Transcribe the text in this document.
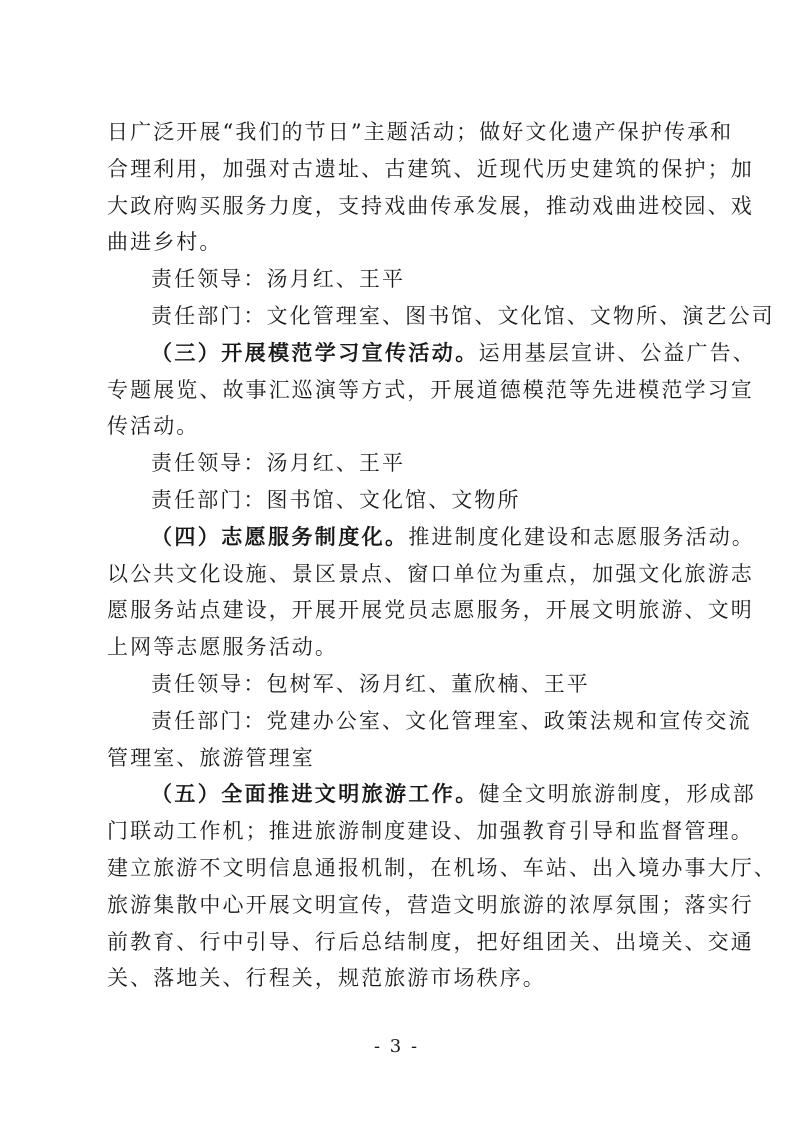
日广泛开展“我们的节日”主题活动；做好文化遗产保护传承和
合理利用，加强对古遗址、古建筑、近现代历史建筑的保护；加
大政府购买服务力度，支持戏曲传承发展，推动戏曲进校园、戏
曲进乡村。
责任领导：汤月红、王平
责任部门：文化管理室、图书馆、文化馆、文物所、演艺公司
（三）开展模范学习宣传活动。运用基层宣讲、公益广告、
专题展览、故事汇巡演等方式，开展道德模范等先进模范学习宣
传活动。
责任领导：汤月红、王平
责任部门：图书馆、文化馆、文物所
（四）志愿服务制度化。推进制度化建设和志愿服务活动。
以公共文化设施、景区景点、窗口单位为重点，加强文化旅游志
愿服务站点建设，开展开展党员志愿服务，开展文明旅游、文明
上网等志愿服务活动。
责任领导：包树军、汤月红、董欣楠、王平
责任部门：党建办公室、文化管理室、政策法规和宣传交流
管理室、旅游管理室
（五）全面推进文明旅游工作。健全文明旅游制度，形成部
门联动工作机；推进旅游制度建设、加强教育引导和监督管理。
建立旅游不文明信息通报机制，在机场、车站、出入境办事大厅、
旅游集散中心开展文明宣传，营造文明旅游的浓厚氛围；落实行
前教育、行中引导、行后总结制度，把好组团关、出境关、交通
关、落地关、行程关，规范旅游市场秩序。
- 3 -
